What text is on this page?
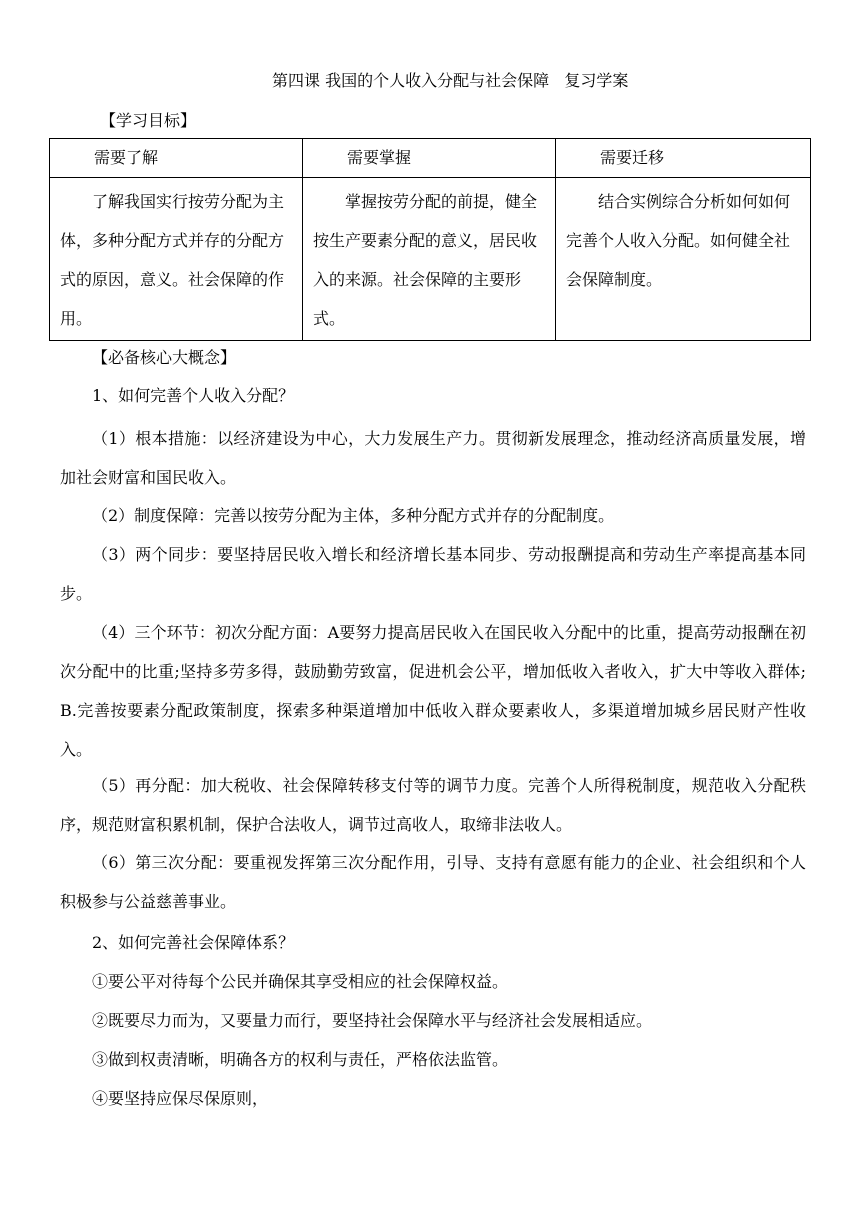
第四课 我国的个人收入分配与社会保障   复习学案
【学习目标】
需要了解	需要掌握	需要迁移
了解我国实行按劳分配为主体，多种分配方式并存的分配方式的原因，意义。社会保障的作用。	掌握按劳分配的前提，健全按生产要素分配的意义，居民收入的来源。社会保障的主要形式。	结合实例综合分析如何如何完善个人收入分配。如何健全社会保障制度。
【必备核心大概念】
1、如何完善个人收入分配？
（1）根本措施：以经济建设为中心，大力发展生产力。贯彻新发展理念，推动经济高质量发展，增加社会财富和国民收入。
（2）制度保障：完善以按劳分配为主体，多种分配方式并存的分配制度。
（3）两个同步：要坚持居民收入增长和经济增长基本同步、劳动报酬提高和劳动生产率提高基本同步。
（4）三个环节：初次分配方面：A要努力提高居民收入在国民收入分配中的比重，提高劳动报酬在初次分配中的比重;坚持多劳多得，鼓励勤劳致富，促进机会公平，增加低收入者收入，扩大中等收入群体; B.完善按要素分配政策制度，探索多种渠道增加中低收入群众要素收人，多渠道增加城乡居民财产性收入。
（5）再分配：加大税收、社会保障转移支付等的调节力度。完善个人所得税制度，规范收入分配秩序，规范财富积累机制，保护合法收人，调节过高收人，取缔非法收人。
（6）第三次分配：要重视发挥第三次分配作用，引导、支持有意愿有能力的企业、社会组织和个人积极参与公益慈善事业。
2、如何完善社会保障体系？
①要公平对待每个公民并确保其享受相应的社会保障权益。
②既要尽力而为，又要量力而行，要坚持社会保障水平与经济社会发展相适应。
③做到权责清晰，明确各方的权利与责任，严格依法监管。
④要坚持应保尽保原则，
